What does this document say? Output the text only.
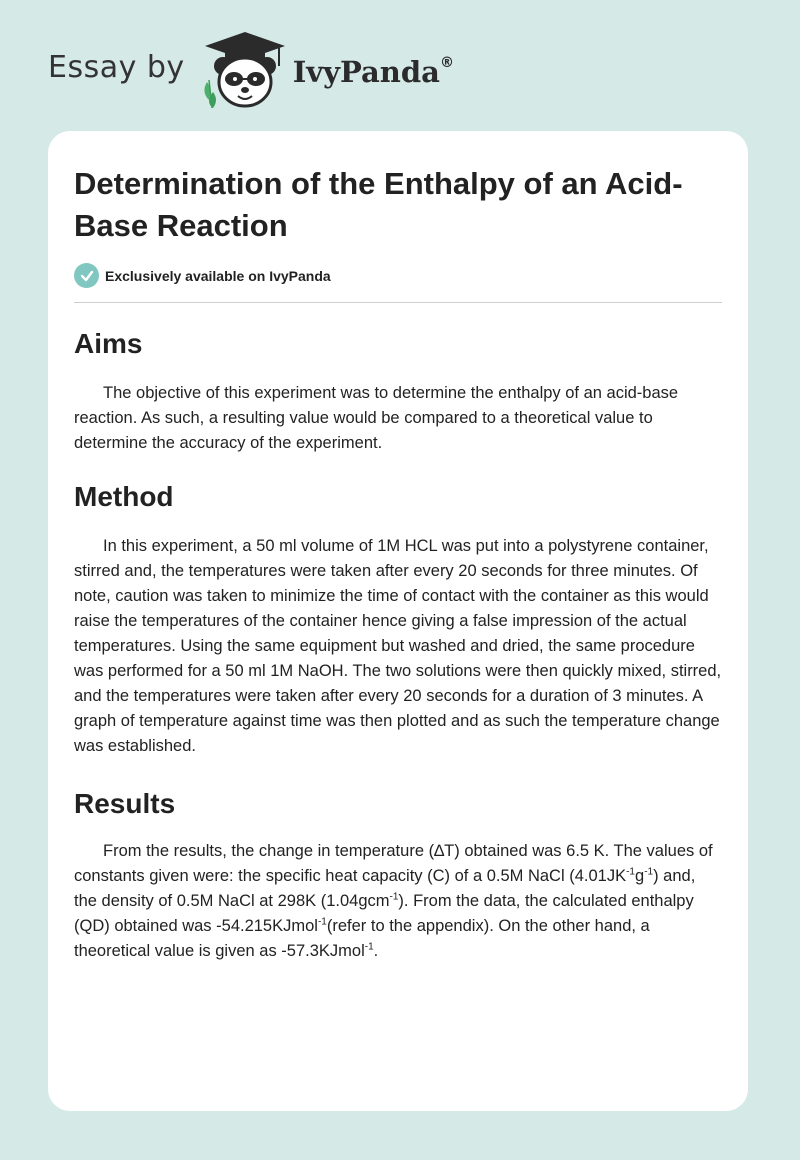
Essay by	IvyPanda®
Determination of the Enthalpy of an Acid-Base Reaction
Exclusively available on IvyPanda
Aims

The objective of this experiment was to determine the enthalpy of an acid-base reaction. As such, a resulting value would be compared to a theoretical value to determine the accuracy of the experiment.

Method

In this experiment, a 50 ml volume of 1M HCL was put into a polystyrene container, stirred and, the temperatures were taken after every 20 seconds for three minutes. Of note, caution was taken to minimize the time of contact with the container as this would raise the temperatures of the container hence giving a false impression of the actual temperatures. Using the same equipment but washed and dried, the same procedure was performed for a 50 ml 1M NaOH. The two solutions were then quickly mixed, stirred, and the temperatures were taken after every 20 seconds for a duration of 3 minutes. A graph of temperature against time was then plotted and as such the temperature change was established.

Results

From the results, the change in temperature (∆T) obtained was 6.5 K. The values of constants given were: the specific heat capacity (C) of a 0.5M NaCl $(4.01JK^{-1}g^{-1})$ and, the density of 0.5M NaCl at 298K (1.04gcm$^{-1}$). From the data, the calculated enthalpy (QD) obtained was -54.215KJmol$^{-1}$(refer to the appendix). On the other hand, a theoretical value is given as -57.3KJmol$^{-1}$.
